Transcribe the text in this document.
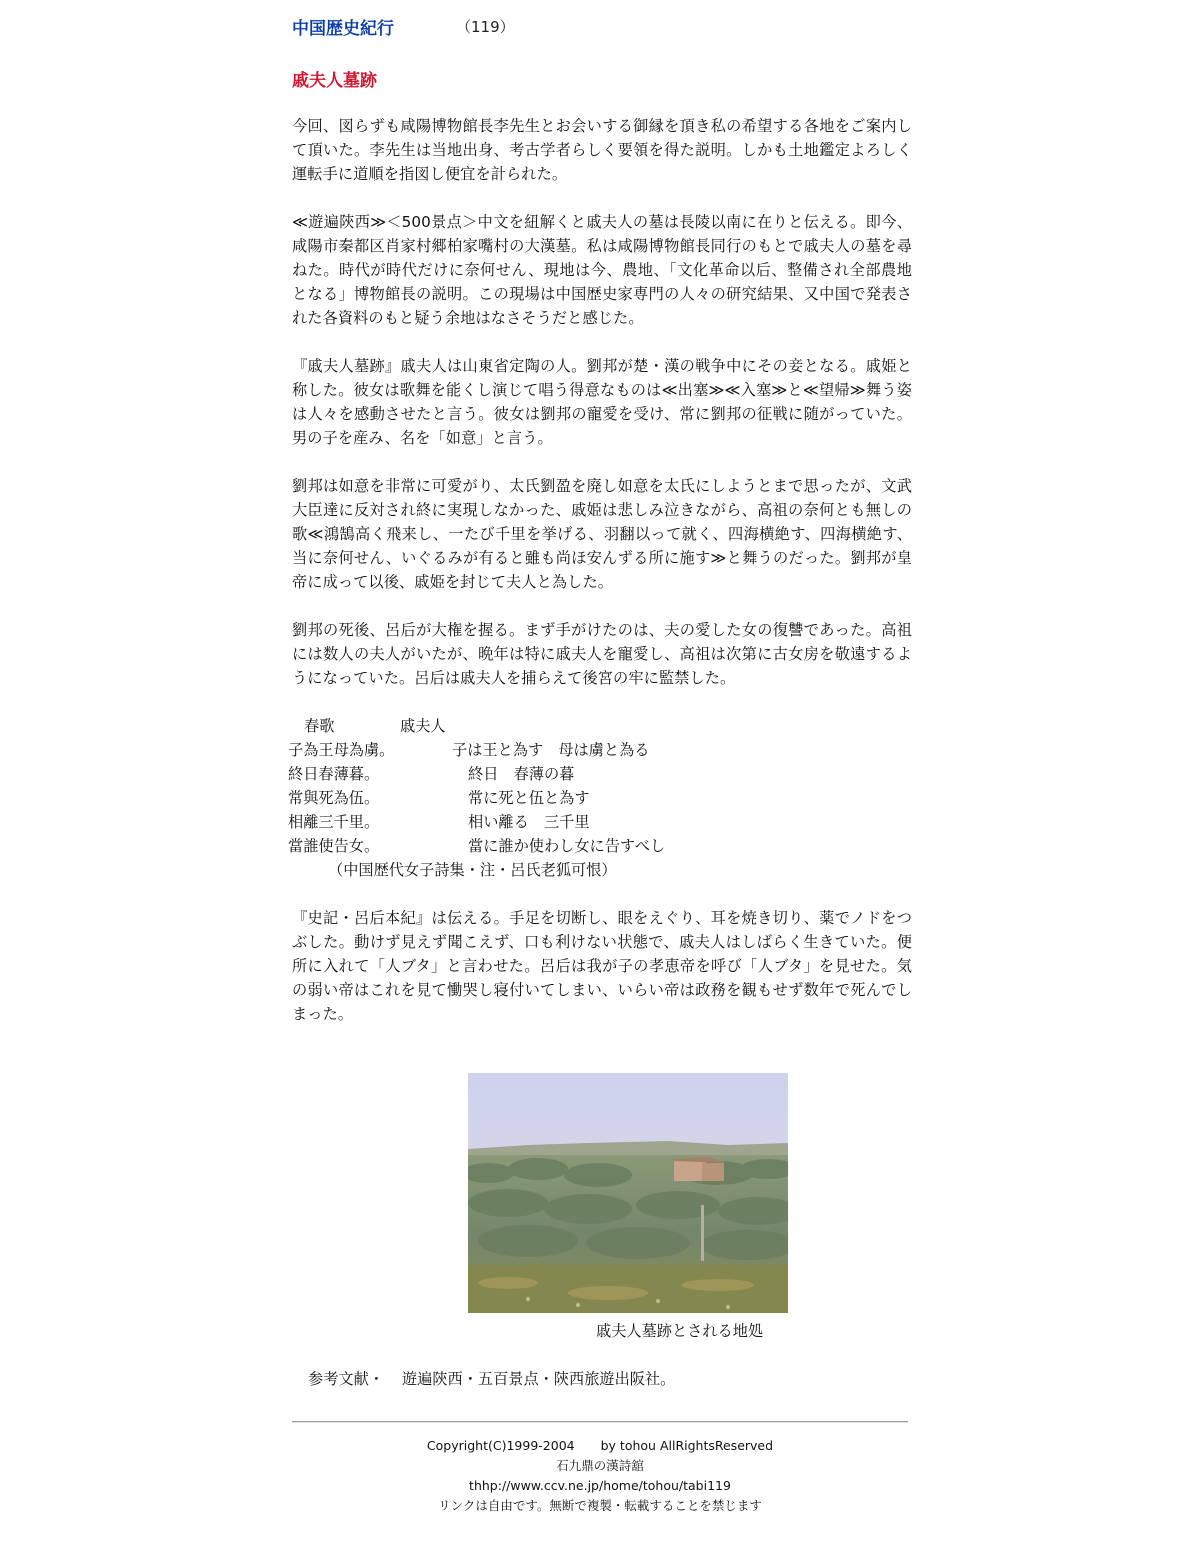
中国歴史紀行	（119）
戚夫人墓跡

今回、図らずも咸陽博物館長李先生とお会いする御縁を頂き私の希望する各地をご案内して頂いた。李先生は当地出身、考古学者らしく要領を得た説明。しかも土地鑑定よろしく運転手に道順を指図し便宜を計られた。

≪遊遍陝西≫＜500景点＞中文を紐解くと戚夫人の墓は長陵以南に在りと伝える。即今、咸陽市秦都区肖家村郷柏家嘴村の大漢墓。私は咸陽博物館長同行のもとで戚夫人の墓を尋ねた。時代が時代だけに奈何せん、現地は今、農地、「文化革命以后、整備され全部農地となる」博物館長の説明。この現場は中国歴史家専門の人々の研究結果、又中国で発表された各資料のもと疑う余地はなさそうだと感じた。

『戚夫人墓跡』戚夫人は山東省定陶の人。劉邦が楚・漢の戦争中にその妾となる。戚姫と称した。彼女は歌舞を能くし演じて唱う得意なものは≪出塞≫≪入塞≫と≪望帰≫舞う姿は人々を感動させたと言う。彼女は劉邦の寵愛を受け、常に劉邦の征戦に随がっていた。男の子を産み、名を「如意」と言う。

劉邦は如意を非常に可愛がり、太氏劉盈を廃し如意を太氏にしようとまで思ったが、文武大臣達に反対され終に実現しなかった、戚姫は悲しみ泣きながら、高祖の奈何とも無しの歌≪鴻鵠高く飛来し、一たび千里を挙げる、羽翻以って就く、四海横絶す、四海横絶す、当に奈何せん、いぐるみが有ると雖も尚ほ安んずる所に施す≫と舞うのだった。劉邦が皇帝に成って以後、戚姫を封じて夫人と為した。

劉邦の死後、呂后が大権を握る。まず手がけたのは、夫の愛した女の復讐であった。高祖には数人の夫人がいたが、晩年は特に戚夫人を寵愛し、高祖は次第に古女房を敬遠するようになっていた。呂后は戚夫人を捕らえて後宮の牢に監禁した。

春歌	戚夫人
子為王母為虜。	子は王と為す　母は虜と為る
終日春薄暮。	終日　春薄の暮
常與死為伍。	常に死と伍と為す
相離三千里。	相い離る　三千里
當誰使告女。	當に誰か使わし女に告すべし
（中国歴代女子詩集・注・呂氏老狐可恨）

『史記・呂后本紀』は伝える。手足を切断し、眼をえぐり、耳を焼き切り、薬でノドをつぶした。動けず見えず聞こえず、口も利けない状態で、戚夫人はしばらく生きていた。便所に入れて「人ブタ」と言わせた。呂后は我が子の孝恵帝を呼び「人ブタ」を見せた。気の弱い帝はこれを見て慟哭し寝付いてしまい、いらい帝は政務を観もせず数年で死んでしまった。

戚夫人墓跡とされる地処
参考文献・ 遊遍陝西・五百景点・陝西旅遊出阪社。
Copyright(C)1999-2004 by tohou AllRightsReserved
石九鼎の漢詩舘
thhp://www.ccv.ne.jp/home/tohou/tabi119
リンクは自由です。無断で複製・転載することを禁じます
